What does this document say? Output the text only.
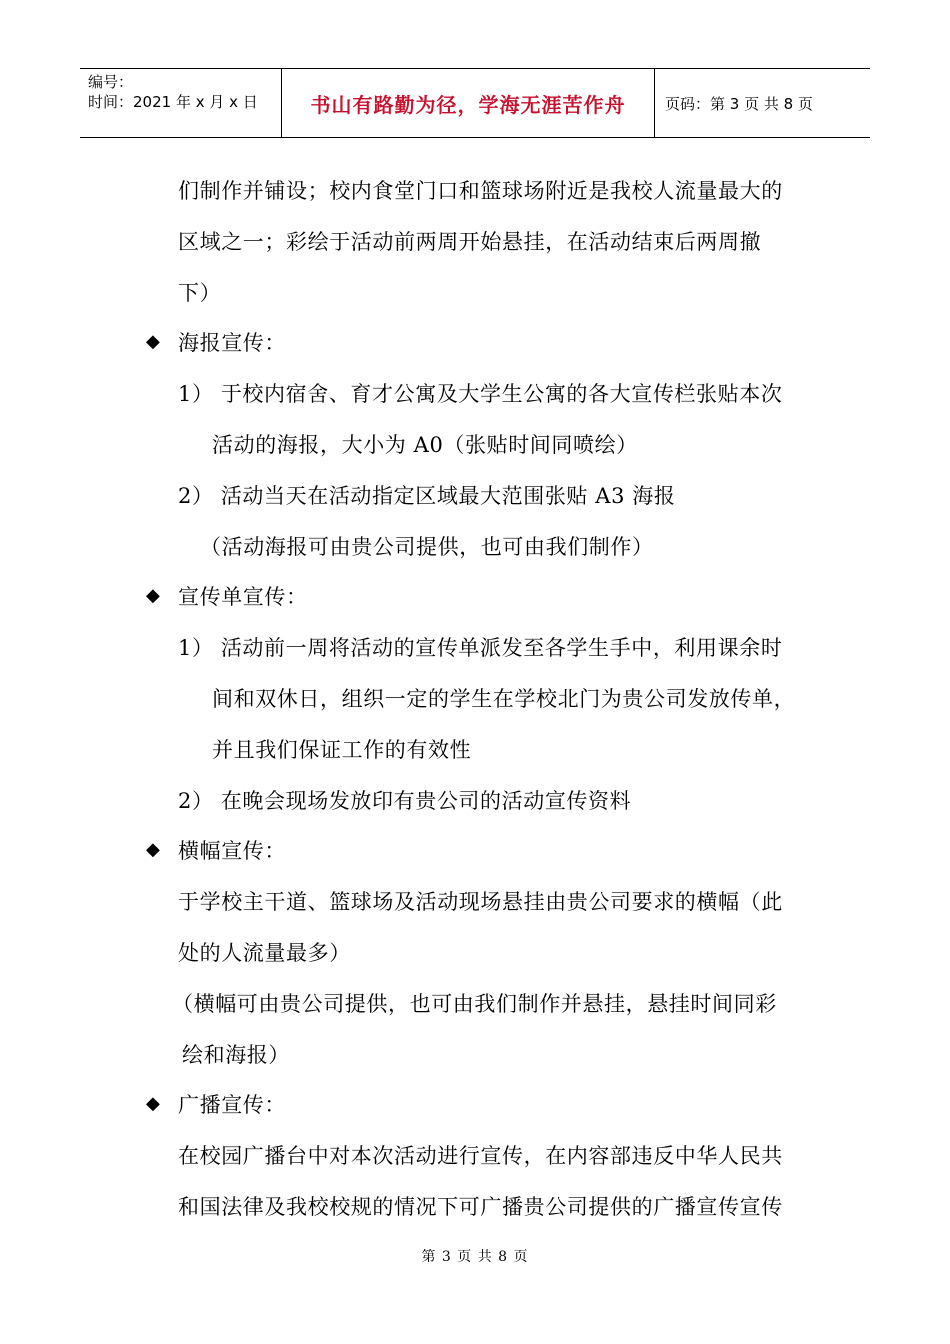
编号：
时间：2021 年 x 月 x 日	书山有路勤为径，学海无涯苦作舟	页码：第 3 页 共 8 页
们制作并铺设；校内食堂门口和篮球场附近是我校人流量最大的
区域之一；彩绘于活动前两周开始悬挂，在活动结束后两周撤
下）
◆ 海报宣传：
1） 于校内宿舍、育才公寓及大学生公寓的各大宣传栏张贴本次
活动的海报，大小为 A0（张贴时间同喷绘）
2） 活动当天在活动指定区域最大范围张贴 A3 海报
（活动海报可由贵公司提供，也可由我们制作）
◆ 宣传单宣传：
1） 活动前一周将活动的宣传单派发至各学生手中，利用课余时
间和双休日，组织一定的学生在学校北门为贵公司发放传单，
并且我们保证工作的有效性
2） 在晚会现场发放印有贵公司的活动宣传资料
◆ 横幅宣传：
于学校主干道、篮球场及活动现场悬挂由贵公司要求的横幅（此
处的人流量最多）
（横幅可由贵公司提供，也可由我们制作并悬挂，悬挂时间同彩
绘和海报）
◆ 广播宣传：
在校园广播台中对本次活动进行宣传，在内容部违反中华人民共
和国法律及我校校规的情况下可广播贵公司提供的广播宣传宣传
第 3 页 共 8 页
